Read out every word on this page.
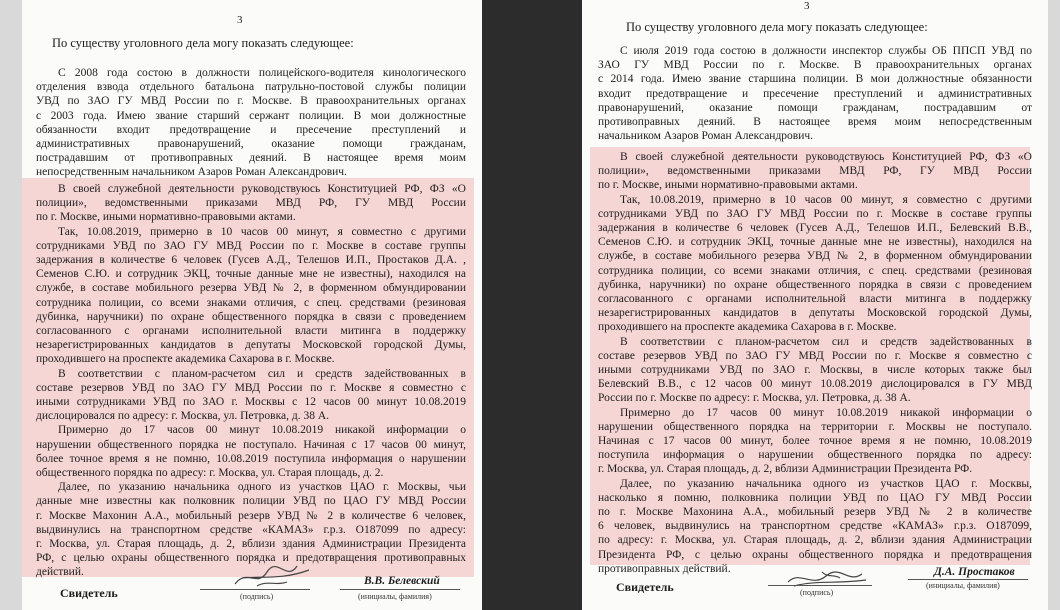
3
По существу уголовного дела могу показать следующее:
С 2008 года состою в должности полицейского-водителя кинологического
отделения взвода отдельного батальона патрульно-постовой службы полиции
УВД по ЗАО ГУ МВД России по г. Москве. В правоохранительных органах
с 2003 года. Имею звание старший сержант полиции. В мои должностные
обязанности входит предотвращение и пресечение преступлений и
административных правонарушений, оказание помощи гражданам,
пострадавшим от противоправных деяний. В настоящее время моим
непосредственным начальником Азаров Роман Александрович.
В своей служебной деятельности руководствуюсь Конституцией РФ, ФЗ «О
полиции», ведомственными приказами МВД РФ, ГУ МВД России
по г. Москве, иными нормативно-правовыми актами.
Так, 10.08.2019, примерно в 10 часов 00 минут, я совместно с другими
сотрудниками УВД по ЗАО ГУ МВД России по г. Москве в составе группы
задержания в количестве 6 человек (Гусев А.Д., Телешов И.П., Простаков Д.А. ,
Семенов С.Ю. и сотрудник ЭКЦ, точные данные мне не известны), находился на
службе, в составе мобильного резерва УВД № 2, в форменном обмундировании
сотрудника полиции, со всеми знаками отличия, с спец. средствами (резиновая
дубинка, наручники) по охране общественного порядка в связи с проведением
согласованного с органами исполнительной власти митинга в поддержку
незарегистрированных кандидатов в депутаты Московской городской Думы,
проходившего на проспекте академика Сахарова в г. Москве.
В соответствии с планом-расчетом сил и средств задействованных в
составе резервов УВД по ЗАО ГУ МВД России по г. Москве я совместно с
иными сотрудниками УВД по ЗАО г. Москвы с 12 часов 00 минут 10.08.2019
дислоцировался по адресу: г. Москва, ул. Петровка, д. 38 А.
Примерно до 17 часов 00 минут 10.08.2019 никакой информации о
нарушении общественного порядка не поступало. Начиная с 17 часов 00 минут,
более точное время я не помню, 10.08.2019 поступила информация о нарушении
общественного порядка по адресу: г. Москва, ул. Старая площадь, д. 2.
Далее, по указанию начальника одного из участков ЦАО г. Москвы, чьи
данные мне известны как полковник полиции УВД по ЦАО ГУ МВД России
г. Москве Махонин А.А., мобильный резерв УВД № 2 в количестве 6 человек,
выдвинулись на транспортном средстве «КАМАЗ» г.р.з. О187099 по адресу:
г. Москва, ул. Старая площадь, д. 2, вблизи здания Администрации Президента
РФ, с целью охраны общественного порядка и предотвращения противоправных
действий.
Свидетель	(подпись)
В.В. Белевский
(инициалы, фамилия)
3
По существу уголовного дела могу показать следующее:
С июля 2019 года состою в должности инспектор службы ОБ ППСП УВД по
ЗАО ГУ МВД России по г. Москве. В правоохранительных органах
с 2014 года. Имею звание старшина полиции. В мои должностные обязанности
входит предотвращение и пресечение преступлений и административных
правонарушений, оказание помощи гражданам, пострадавшим от
противоправных деяний. В настоящее время моим непосредственным
начальником Азаров Роман Александрович.
В своей служебной деятельности руководствуюсь Конституцией РФ, ФЗ «О
полиции», ведомственными приказами МВД РФ, ГУ МВД России
по г. Москве, иными нормативно-правовыми актами.
Так, 10.08.2019, примерно в 10 часов 00 минут, я совместно с другими
сотрудниками УВД по ЗАО ГУ МВД России по г. Москве в составе группы
задержания в количестве 6 человек (Гусев А.Д., Телешов И.П., Белевский В.В.,
Семенов С.Ю. и сотрудник ЭКЦ, точные данные мне не известны), находился на
службе, в составе мобильного резерва УВД № 2, в форменном обмундировании
сотрудника полиции, со всеми знаками отличия, с спец. средствами (резиновая
дубинка, наручники) по охране общественного порядка в связи с проведением
согласованного с органами исполнительной власти митинга в поддержку
незарегистрированных кандидатов в депутаты Московской городской Думы,
проходившего на проспекте академика Сахарова в г. Москве.
В соответствии с планом-расчетом сил и средств задействованных в
составе резервов УВД по ЗАО ГУ МВД России по г. Москве я совместно с
иными сотрудниками УВД по ЗАО г. Москвы, в числе которых также был
Белевский В.В., с 12 часов 00 минут 10.08.2019 дислоцировался в ГУ МВД
России по г. Москве по адресу: г. Москва, ул. Петровка, д. 38 А.
Примерно до 17 часов 00 минут 10.08.2019 никакой информации о
нарушении общественного порядка на территории г. Москвы не поступало.
Начиная с 17 часов 00 минут, более точное время я не помню, 10.08.2019
поступила информация о нарушении общественного порядка по адресу:
г. Москва, ул. Старая площадь, д. 2, вблизи Администрации Президента РФ.
Далее, по указанию начальника одного из участков ЦАО г. Москвы,
насколько я помню, полковника полиции УВД по ЦАО ГУ МВД России
по г. Москве Махонина А.А., мобильный резерв УВД № 2 в количестве
6 человек, выдвинулись на транспортном средстве «КАМАЗ» г.р.з. О187099,
по адресу: г. Москва, ул. Старая площадь, д. 2, вблизи здания Администрации
Президента РФ, с целью охраны общественного порядка и предотвращения
противоправных действий.
Свидетель	(подпись)
Д.А. Простаков
(инициалы, фамилия)
